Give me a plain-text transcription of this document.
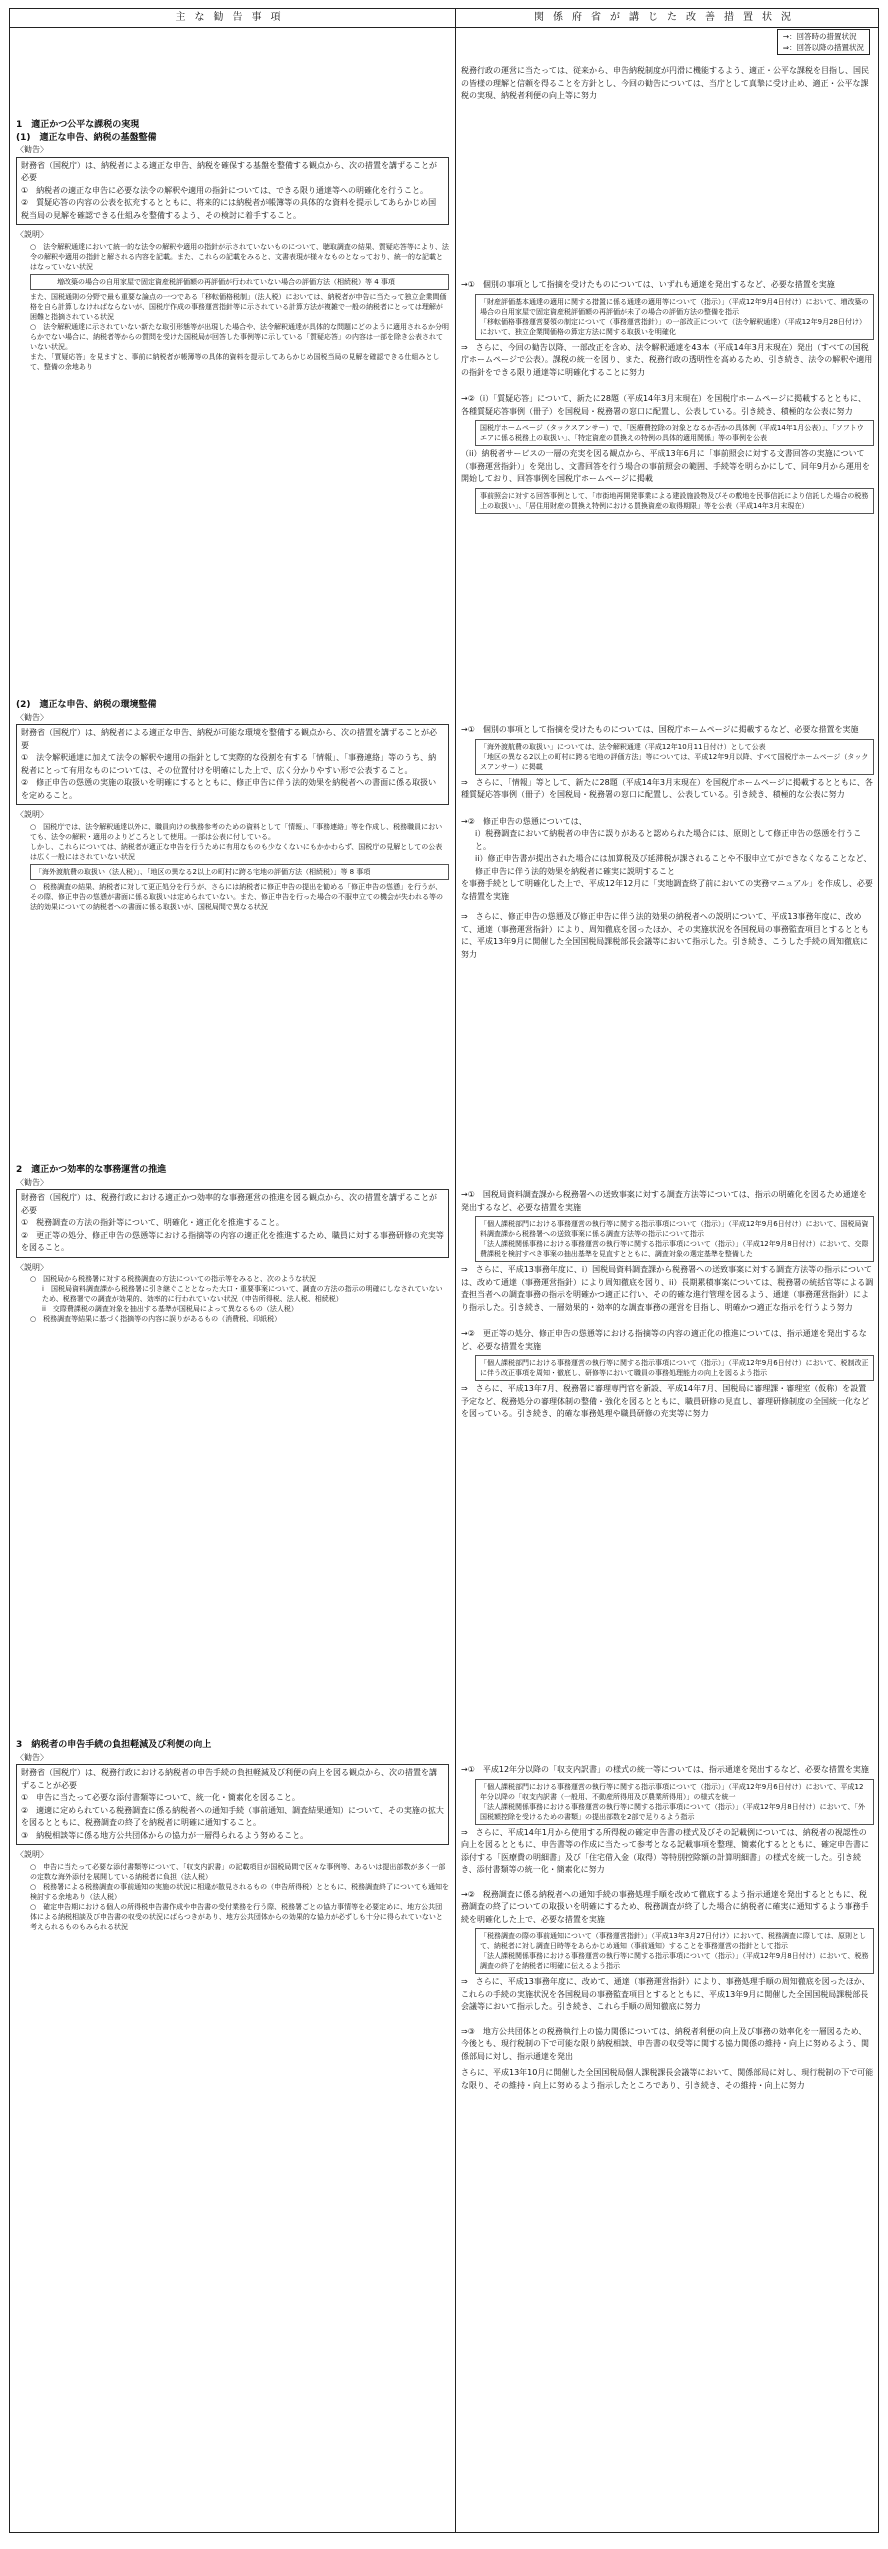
主な勧告事項	関係府省が講じた改善措置状況
→：回答時の措置状況
⇒：回答以降の措置状況

税務行政の運営に当たっては、従来から、申告納税制度が円滑に機能するよう、適正・公平な課税を目指し、国民の皆様の理解と信頼を得ることを方針とし、今回の勧告については、当庁として真摯に受け止め、適正・公平な課税の実現、納税者利便の向上等に努力

1　適正かつ公平な課税の実現

(1)　適正な申告、納税の基盤整備

〈勧告〉

財務省（国税庁）は、納税者による適正な申告、納税を確保する基盤を整備する観点から、次の措置を講ずることが必要

①　納税者の適正な申告に必要な法令の解釈や適用の指針については、できる限り通達等への明確化を行うこと。

②　質疑応答の内容の公表を拡充するとともに、将来的には納税者が帳簿等の具体的な資料を提示してあらかじめ国税当局の見解を確認できる仕組みを整備するよう、その検討に着手すること。

〈説明〉

○　法令解釈通達において統一的な法令の解釈や適用の指針が示されていないものについて、聴取調査の結果、質疑応答等により、法令の解釈や適用の指針と解される内容を記載。また、これらの記載をみると、文書表現が様々なものとなっており、統一的な記載とはなっていない状況

増改築の場合の自用家屋で固定資産税評価額の再評価が行われていない場合の評価方法（相続税）等 4 事項

また、国税通則の分野で最も重要な論点の一つである「移転価格税制」（法人税）においては、納税者が申告に当たって独立企業間価格を自ら計算しなければならないが、国税庁作成の事務運営指針等に示されている計算方法が複雑で一般の納税者にとっては理解が困難と指摘されている状況

○　法令解釈通達に示されていない新たな取引形態等が出現した場合や、法令解釈通達が具体的な問題にどのように適用されるか分明らかでない場合に、納税者等からの質問を受けた国税局が回答した事例等に示している「質疑応答」の内容は一部を除き公表されていない状況。

また、「質疑応答」を見ますと、事前に納税者が帳簿等の具体的資料を提示してあらかじめ国税当局の見解を確認できる仕組みとして、整備の余地あり

→①　個別の事項として指摘を受けたものについては、いずれも通達を発出するなど、必要な措置を実施

「財産評価基本通達の適用に関する措置に係る通達の適用等について（指示）」（平成12年9月4日付け）において、増改築の場合の自用家屋で固定資産税評価額の再評価が未了の場合の評価方法の整備を指示

「移転価格事務運営要領の制定について（事務運営指針）」の一部改正について（法令解釈通達）（平成12年9月28日付け）において、独立企業間価格の算定方法に関する取扱いを明確化

⇒　さらに、今回の勧告以降、一部改正を含め、法令解釈通達を43本（平成14年3月末現在）発出（すべての国税庁ホームページで公表）。課税の統一を図り、また、税務行政の透明性を高めるため、引き続き、法令の解釈や適用の指針をできる限り通達等に明確化することに努力

→②（i）「質疑応答」について、新たに28題（平成14年3月末現在）を国税庁ホームページに掲載するとともに、各種質疑応答事例（冊子）を国税局・税務署の窓口に配置し、公表している。引き続き、積極的な公表に努力

国税庁ホームページ（タックスアンサー）で、「医療費控除の対象となるか否かの具体例（平成14年1月公表）」、「ソフトウエアに係る税務上の取扱い」、「特定資産の買換えの特例の具体的適用関係」等の事例を公表

（ii）納税者サービスの一層の充実を図る観点から、平成13年6月に「事前照会に対する文書回答の実施について（事務運営指針）」を発出し、文書回答を行う場合の事前照会の範囲、手続等を明らかにして、同年9月から運用を開始しており、回答事例を国税庁ホームページに掲載

事前照会に対する回答事例として、「市街地再開発事業による建設施設物及びその敷地を民事信託により信託した場合の税務上の取扱い」、「居住用財産の買換え特例における買換資産の取得期限」等を公表（平成14年3月末現在）

(2)　適正な申告、納税の環境整備

〈勧告〉

財務省（国税庁）は、納税者による適正な申告、納税が可能な環境を整備する観点から、次の措置を講ずることが必要

①　法令解釈通達に加えて法令の解釈や適用の指針として実際的な役割を有する「情報」、「事務連絡」等のうち、納税者にとって有用なものについては、その位置付けを明確にした上で、広く分かりやすい形で公表すること。

②　修正申告の慫慂の実施の取扱いを明確にするとともに、修正申告に伴う法的効果を納税者への書面に係る取扱いを定めること。

〈説明〉

○　国税庁では、法令解釈通達以外に、職員向けの執務参考のための資料として「情報」、「事務連絡」等を作成し、税務職員においても、法令の解釈・適用のよりどころとして使用。一部は公表に付している。

しかし、これらについては、納税者が適正な申告を行うために有用なものも少なくないにもかかわらず、国税庁の見解としての公表は広く一般にはされていない状況

「海外渡航費の取扱い（法人税）」、「地区の異なる2以上の町村に跨る宅地の評価方法（相続税）」等 8 事項

○　税務調査の結果、納税者に対して更正処分を行うが、さらには納税者に修正申告の提出を勧める「修正申告の慫慂」を行うが、その際、修正申告の慫慂が書面に係る取扱いは定められていない。また、修正申告を行った場合の不服申立ての機会が失われる等の法的効果についての納税者への書面に係る取扱いが、国税局間で異なる状況

→①　個別の事項として指摘を受けたものについては、国税庁ホームページに掲載するなど、必要な措置を実施

「海外渡航費の取扱い」については、法令解釈通達（平成12年10月11日付け）として公表

「地区の異なる2以上の町村に跨る宅地の評価方法」等については、平成12年9月以降、すべて国税庁ホームページ（タックスアンサー）に掲載

⇒　さらに、「情報」等として、新たに28題（平成14年3月末現在）を国税庁ホームページに掲載するとともに、各種質疑応答事例（冊子）を国税局・税務署の窓口に配置し、公表している。引き続き、積極的な公表に努力

→②　修正申告の慫慂については、

i）税務調査において納税者の申告に誤りがあると認められた場合には、原則として修正申告の慫慂を行うこと。

ii）修正申告書が提出された場合には加算税及び延滞税が課されることや不服申立てができなくなることなど、修正申告に伴う法的効果を納税者に確実に説明すること

を事務手続として明確化した上で、平成12年12月に「実地調査終了前においての実務マニュアル」を作成し、必要な措置を実施

⇒　さらに、修正申告の慫慂及び修正申告に伴う法的効果の納税者への説明について、平成13事務年度に、改めて、通達（事務運営指針）により、周知徹底を図ったほか、その実施状況を各国税局の事務監査項目とするとともに、平成13年9月に開催した全国国税局課税部長会議等において指示した。引き続き、こうした手続の周知徹底に努力

2　適正かつ効率的な事務運営の推進

〈勧告〉

財務省（国税庁）は、税務行政における適正かつ効率的な事務運営の推進を図る観点から、次の措置を講ずることが必要

①　税務調査の方法の指針等について、明確化・適正化を推進すること。

②　更正等の処分、修正申告の慫慂等における指摘等の内容の適正化を推進するため、職員に対する事務研修の充実等を図ること。

〈説明〉

○　国税局から税務署に対する税務調査の方法についての指示等をみると、次のような状況

i　国税局資料調査課から税務署に引き継ぐこととなった大口・重要事案について、調査の方法の指示の明確にしなされていないため、税務署での調査が効果的、効率的に行われていない状況（申告所得税、法人税、相続税）

ii　交際費課税の調査対象を抽出する基準が国税局によって異なるもの（法人税）

○　税務調査等結果に基づく指摘等の内容に誤りがあるもの（消費税、印紙税）

→①　国税局資料調査課から税務署への送致事案に対する調査方法等については、指示の明確化を図るため通達を発出するなど、必要な措置を実施

「個人課税部門における事務運営の執行等に関する指示事項について（指示）」（平成12年9月6日付け）において、国税局資料調査課から税務署への送致事案に係る調査方法等の指示について指示

「法人課税関係事務における事務運営の執行等に関する指示事項について（指示）」（平成12年9月8日付け）において、交際費課税を検討すべき事案の抽出基準を見直すとともに、調査対象の選定基準を整備した

⇒　さらに、平成13事務年度に、i）国税局資料調査課から税務署への送致事案に対する調査方法等の指示については、改めて通達（事務運営指針）により周知徹底を図り、ii）長期累積事案については、税務署の統括官等による調査担当者への調査事務の指示を明確かつ適正に行い、その的確な進行管理を図るよう、通達（事務運営指針）により指示した。引き続き、一層効果的・効率的な調査事務の運営を目指し、明確かつ適正な指示を行うよう努力

→②　更正等の処分、修正申告の慫慂等における指摘等の内容の適正化の推進については、指示通達を発出するなど、必要な措置を実施

「個人課税部門における事務運営の執行等に関する指示事項について（指示）」（平成12年9月6日付け）において、税制改正に伴う改正事項を周知・徹底し、研修等において職員の事務処理能力の向上を図るよう指示

⇒　さらに、平成13年7月、税務署に審理専門官を新設、平成14年7月、国税局に審理課・審理室（仮称）を設置予定など、税務処分の審理体制の整備・強化を図るとともに、職員研修の見直し、審理研修制度の全国統一化などを図っている。引き続き、的確な事務処理や職員研修の充実等に努力

3　納税者の申告手続の負担軽減及び利便の向上

〈勧告〉

財務省（国税庁）は、税務行政における納税者の申告手続の負担軽減及び利便の向上を図る観点から、次の措置を講ずることが必要

①　申告に当たって必要な添付書類等について、統一化・簡素化を図ること。

②　適適に定められている税務調査に係る納税者への通知手続（事前通知、調査結果通知）について、その実施の拡大を図るとともに、税務調査の終了を納税者に明確に通知すること。

③　納税相談等に係る地方公共団体からの協力が一層得られるよう努めること。

〈説明〉

○　申告に当たって必要な添付書類等について、「収支内訳書」の記載項目が国税局間で区々な事例等、あるいは提出部数が多く一部の定数な海外添付を展開している納税者に負担（法人税）

○　税務署による税務調査の事前通知の実施の状況に相違が散見されるもの（申告所得税）とともに、税務調査終了についても通知を検討する余地あり（法人税）

○　確定申告期における個人の所得税申告書作成や申告書の受付業務を行う際、税務署ごとの協力事情等を必要定めに、地方公共団体による納税相談及び申告書の収受の状況にばらつきがあり、地方公共団体からの効果的な協力が必ずしも十分に得られていないと考えられるものもみられる状況

→①　平成12年分以降の「収支内訳書」の様式の統一等については、指示通達を発出するなど、必要な措置を実施

「個人課税部門における事務運営の執行等に関する指示事項について（指示）」（平成12年9月6日付け）において、平成12年分以降の「収支内訳書（一般用、不動産所得用及び農業所得用）」の様式を統一

「法人課税関係事務における事務運営の執行等に関する指示事項について（指示）」（平成12年9月8日付け）において、「外国税額控除を受けるための書類」の提出部数を2部で足りるよう指示

⇒　さらに、平成14年1月から使用する所得税の確定申告書の様式及びその記載例については、納税者の視認性の向上を図るとともに、申告書等の作成に当たって参考となる記載事項を整理、簡素化するとともに、確定申告書に添付する「医療費の明細書」及び「住宅借入金（取得）等特別控除額の計算明細書」の様式を統一した。引き続き、添付書類等の統一化・簡素化に努力

→②　税務調査に係る納税者への通知手続の事務処理手順を改めて徹底するよう指示通達を発出するとともに、税務調査の終了についての取扱いを明確にするため、税務調査が終了した場合に納税者に確実に通知するよう事務手続を明確化した上で、必要な措置を実施

「税務調査の際の事前通知について（事務運営指針）」（平成13年3月27日付け）において、税務調査に際しては、原則として、納税者に対し調査日時等をあらかじめ通知（事前通知）することを事務運営の指針として指示

「法人課税関係事務における事務運営の執行等に関する指示事項について（指示）」（平成12年9月8日付け）において、税務調査の終了を納税者に明確に伝えるよう指示

⇒　さらに、平成13事務年度に、改めて、通達（事務運営指針）により、事務処理手順の周知徹底を図ったほか、これらの手続の実施状況を各国税局の事務監査項目とするとともに、平成13年9月に開催した全国国税局課税部長会議等において指示した。引き続き、これら手順の周知徹底に努力

⇒③　地方公共団体との税務執行上の協力関係については、納税者利便の向上及び事務の効率化を一層図るため、今後とも、現行税制の下で可能な限り納税相談、申告書の収受等に関する協力関係の維持・向上に努めるよう、関係部局に対し、指示通達を発出

さらに、平成13年10月に開催した全国国税局個人課税課長会議等において、関係部局に対し、現行税制の下で可能な限り、その維持・向上に努めるよう指示したところであり、引き続き、その維持・向上に努力
